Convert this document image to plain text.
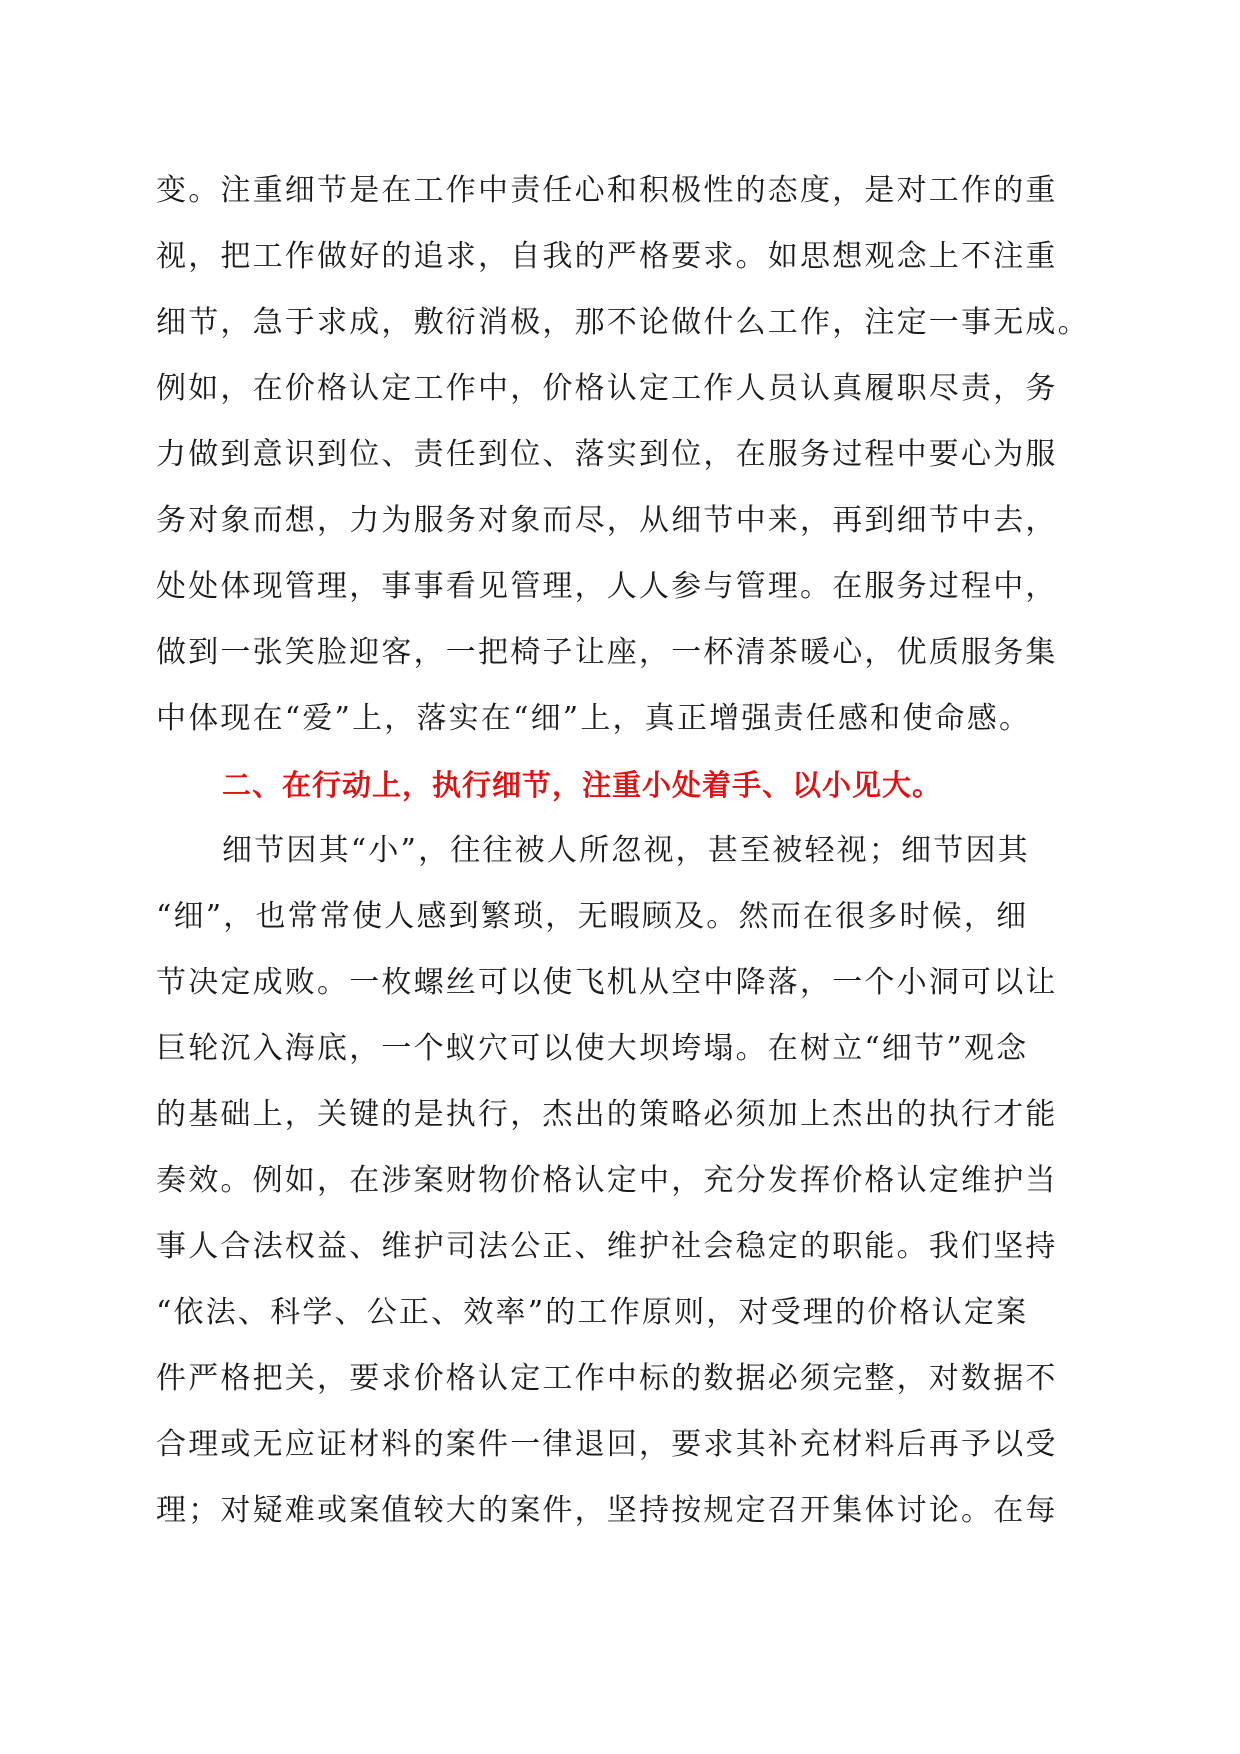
变。注重细节是在工作中责任心和积极性的态度，是对工作的重
视，把工作做好的追求，自我的严格要求。如思想观念上不注重
细节，急于求成，敷衍消极，那不论做什么工作，注定一事无成。
例如，在价格认定工作中，价格认定工作人员认真履职尽责，务
力做到意识到位、责任到位、落实到位，在服务过程中要心为服
务对象而想，力为服务对象而尽，从细节中来，再到细节中去，
处处体现管理，事事看见管理，人人参与管理。在服务过程中，
做到一张笑脸迎客，一把椅子让座，一杯清茶暖心，优质服务集
中体现在“爱”上，落实在“细”上，真正增强责任感和使命感。
二、在行动上，执行细节，注重小处着手、以小见大。
细节因其“小”，往往被人所忽视，甚至被轻视；细节因其
“细”，也常常使人感到繁琐，无暇顾及。然而在很多时候，细
节决定成败。一枚螺丝可以使飞机从空中降落，一个小洞可以让
巨轮沉入海底，一个蚁穴可以使大坝垮塌。在树立“细节”观念
的基础上，关键的是执行，杰出的策略必须加上杰出的执行才能
奏效。例如，在涉案财物价格认定中，充分发挥价格认定维护当
事人合法权益、维护司法公正、维护社会稳定的职能。我们坚持
“依法、科学、公正、效率”的工作原则，对受理的价格认定案
件严格把关，要求价格认定工作中标的数据必须完整，对数据不
合理或无应证材料的案件一律退回，要求其补充材料后再予以受
理；对疑难或案值较大的案件，坚持按规定召开集体讨论。在每
